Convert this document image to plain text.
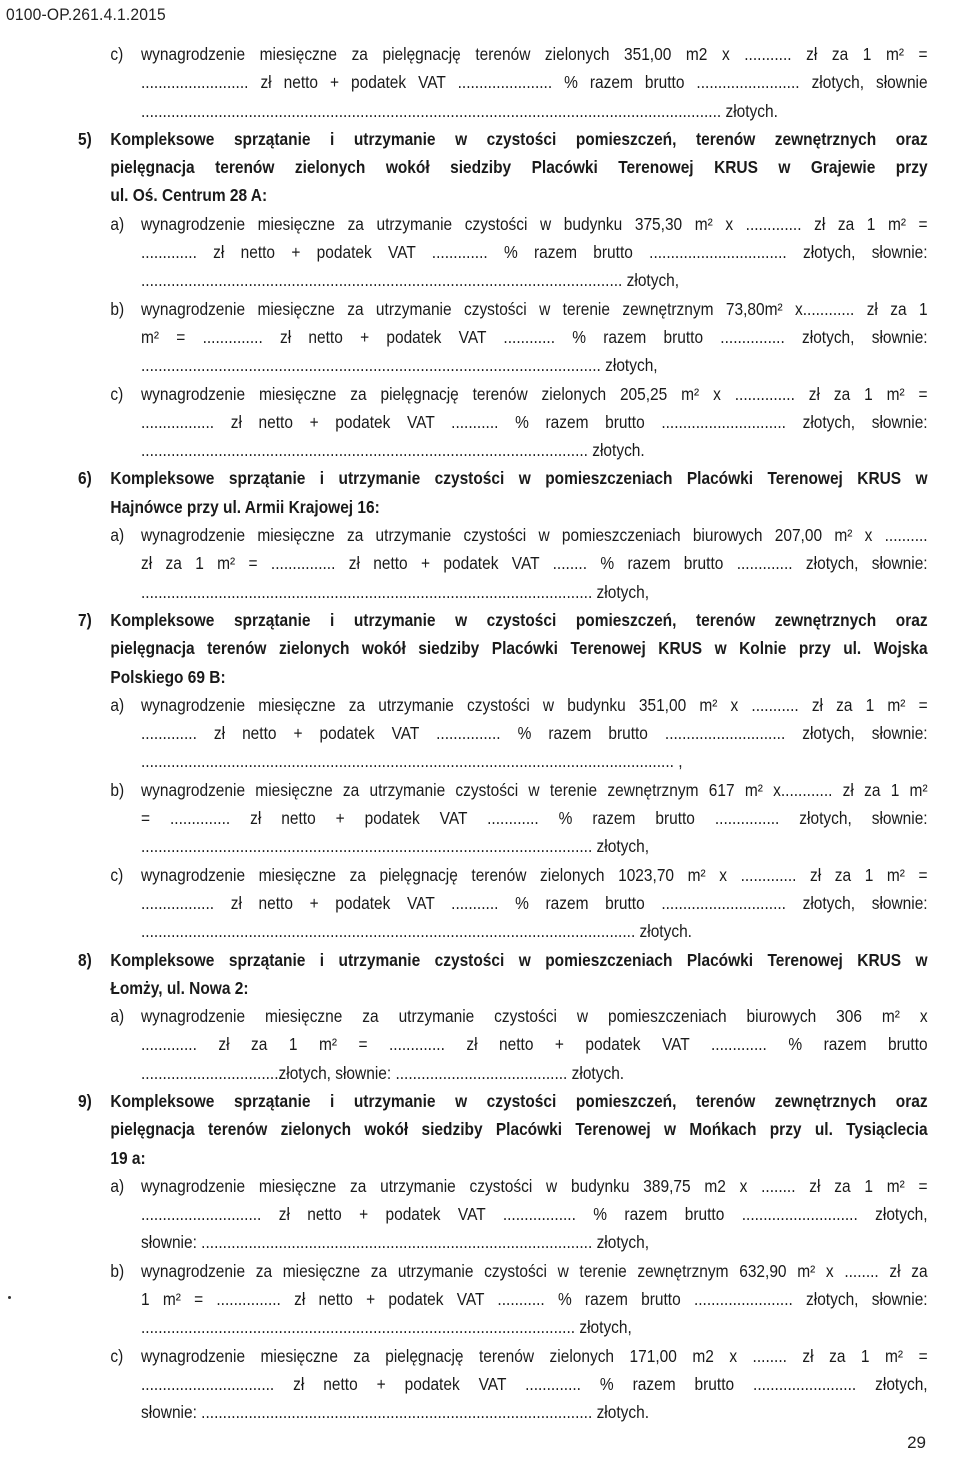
0100-OP.261.4.1.2015
c) wynagrodzenie miesięczne za pielęgnację terenów zielonych 351,00 m2 x ........... zł za 1 m² =
......................... zł netto + podatek VAT ...................... % razem brutto ........................ złotych, słownie
....................................................................................................................................... złotych.
5) Kompleksowe sprzątanie i utrzymanie w czystości pomieszczeń, terenów zewnętrznych oraz
pielęgnacja terenów zielonych wokół siedziby Placówki Terenowej KRUS w Grajewie przy
ul. Oś. Centrum 28 A:
a) wynagrodzenie miesięczne za utrzymanie czystości w budynku 375,30 m² x ............. zł za 1 m² =
............. zł netto + podatek VAT ............. % razem brutto ................................ złotych, słownie:
................................................................................................................ złotych,
b) wynagrodzenie miesięczne za utrzymanie czystości w terenie zewnętrznym 73,80m² x............ zł za 1
m² = .............. zł netto + podatek VAT ............ % razem brutto ............... złotych, słownie:
........................................................................................................... złotych,
c) wynagrodzenie miesięczne za pielęgnację terenów zielonych 205,25 m² x .............. zł za 1 m² =
................. zł netto + podatek VAT ........... % razem brutto ............................. złotych, słownie:
........................................................................................................ złotych.
6) Kompleksowe sprzątanie i utrzymanie czystości w pomieszczeniach Placówki Terenowej KRUS w
Hajnówce przy ul. Armii Krajowej 16:
a) wynagrodzenie miesięczne za utrzymanie czystości w pomieszczeniach biurowych 207,00 m² x ..........
zł za 1 m² = ............... zł netto + podatek VAT ........ % razem brutto ............. złotych, słownie:
......................................................................................................... złotych,
7) Kompleksowe sprzątanie i utrzymanie w czystości pomieszczeń, terenów zewnętrznych oraz
pielęgnacja terenów zielonych wokół siedziby Placówki Terenowej KRUS w Kolnie przy ul. Wojska
Polskiego 69 B:
a) wynagrodzenie miesięczne za utrzymanie czystości w budynku 351,00 m² x ........... zł za 1 m² =
............. zł netto + podatek VAT ............... % razem brutto ............................ złotych, słownie:
............................................................................................................................ ,
b) wynagrodzenie miesięczne za utrzymanie czystości w terenie zewnętrznym 617 m² x............ zł za 1 m²
= .............. zł netto + podatek VAT ............ % razem brutto ............... złotych, słownie:
......................................................................................................... złotych,
c) wynagrodzenie miesięczne za pielęgnację terenów zielonych 1023,70 m² x ............. zł za 1 m² =
................. zł netto + podatek VAT ........... % razem brutto ............................. złotych, słownie:
................................................................................................................... złotych.
8) Kompleksowe sprzątanie i utrzymanie czystości w pomieszczeniach Placówki Terenowej KRUS w
Łomży, ul. Nowa 2:
a) wynagrodzenie miesięczne za utrzymanie czystości w pomieszczeniach biurowych 306 m² x
............. zł za 1 m² = ............. zł netto + podatek VAT ............. % razem brutto
................................złotych, słownie: ........................................ złotych.
9) Kompleksowe sprzątanie i utrzymanie w czystości pomieszczeń, terenów zewnętrznych oraz
pielęgnacja terenów zielonych wokół siedziby Placówki Terenowej w Mońkach przy ul. Tysiąclecia
19 a:
a) wynagrodzenie miesięczne za utrzymanie czystości w budynku 389,75 m2 x ........ zł za 1 m² =
............................ zł netto + podatek VAT ................. % razem brutto ........................... złotych,
słownie: ........................................................................................... złotych,
b) wynagrodzenie za miesięczne za utrzymanie czystości w terenie zewnętrznym 632,90 m² x ........ zł za
1 m² = ............... zł netto + podatek VAT ........... % razem brutto ....................... złotych, słownie:
..................................................................................................... złotych,
c) wynagrodzenie miesięczne za pielęgnację terenów zielonych 171,00 m2 x ........ zł za 1 m² =
............................... zł netto + podatek VAT ............. % razem brutto ........................ złotych,
słownie: ........................................................................................... złotych.
29
